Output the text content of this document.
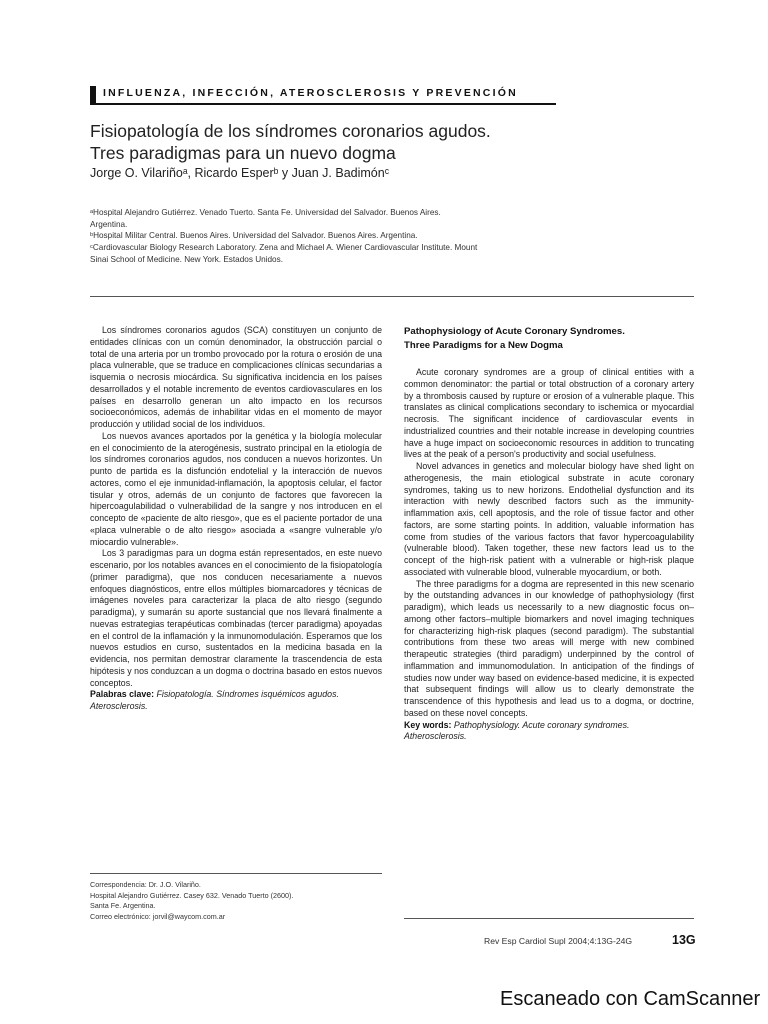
INFLUENZA, INFECCIÓN, ATEROSCLEROSIS Y PREVENCIÓN
Fisiopatología de los síndromes coronarios agudos.
Tres paradigmas para un nuevo dogma
Jorge O. Vilariñoᵃ, Ricardo Esperᵇ y Juan J. Badimónᶜ
ᵃHospital Alejandro Gutiérrez. Venado Tuerto. Santa Fe. Universidad del Salvador. Buenos Aires.
Argentina.
ᵇHospital Militar Central. Buenos Aires. Universidad del Salvador. Buenos Aires. Argentina.
ᶜCardiovascular Biology Research Laboratory. Zena and Michael A. Wiener Cardiovascular Institute. Mount
Sinai School of Medicine. New York. Estados Unidos.

Los síndromes coronarios agudos (SCA) constituyen un conjunto de entidades clínicas con un común denominador, la obstrucción parcial o total de una arteria por un trombo provocado por la rotura o erosión de una placa vulnerable, que se traduce en complicaciones clínicas secundarias a isquemia o necrosis miocárdica. Su significativa incidencia en los países desarrollados y el notable incremento de eventos cardiovasculares en los países en desarrollo generan un alto impacto en los recursos socioeconómicos, además de inhabilitar vidas en el momento de mayor producción y utilidad social de los individuos.

Los nuevos avances aportados por la genética y la biología molecular en el conocimiento de la aterogénesis, sustrato principal en la etiología de los síndromes coronarios agudos, nos conducen a nuevos horizontes. Un punto de partida es la disfunción endotelial y la interacción de nuevos actores, como el eje inmunidad-inflamación, la apoptosis celular, el factor tisular y otros, además de un conjunto de factores que favorecen la hipercoagulabilidad o vulnerabilidad de la sangre y nos introducen en el concepto de «paciente de alto riesgo», que es el paciente portador de una «placa vulnerable o de alto riesgo» asociada a «sangre vulnerable y/o miocardio vulnerable».

Los 3 paradigmas para un dogma están representados, en este nuevo escenario, por los notables avances en el conocimiento de la fisiopatología (primer paradigma), que nos conducen necesariamente a nuevos enfoques diagnósticos, entre ellos múltiples biomarcadores y técnicas de imágenes noveles para caracterizar la placa de alto riesgo (segundo paradigma), y sumarán su aporte sustancial que nos llevará finalmente a nuevas estrategias terapéuticas combinadas (tercer paradigma) apoyadas en el control de la inflamación y la inmunomodulación. Esperamos que los nuevos estudios en curso, sustentados en la medicina basada en la evidencia, nos permitan demostrar claramente la trascendencia de esta hipótesis y nos conduzcan a un dogma o doctrina basado en estos nuevos conceptos.

Palabras clave: Fisiopatología. Síndromes isquémicos agudos. Aterosclerosis.

Correspondencia: Dr. J.O. Vilariño.
Hospital Alejandro Gutiérrez. Casey 632. Venado Tuerto (2600).
Santa Fe. Argentina.
Correo electrónico: jorvil@waycom.com.ar
Pathophysiology of Acute Coronary Syndromes.
Three Paradigms for a New Dogma

Acute coronary syndromes are a group of clinical entities with a common denominator: the partial or total obstruction of a coronary artery by a thrombosis caused by rupture or erosion of a vulnerable plaque. This translates as clinical complications secondary to ischemica or myocardial necrosis. The significant incidence of cardiovascular events in industrialized countries and their notable increase in developing countries have a huge impact on socioeconomic resources in addition to truncating lives at the peak of a person's productivity and social usefulness.

Novel advances in genetics and molecular biology have shed light on atherogenesis, the main etiological substrate in acute coronary syndromes, taking us to new horizons. Endothelial dysfunction and its interaction with newly described factors such as the immunity-inflammation axis, cell apoptosis, and the role of tissue factor and other factors, are some starting points. In addition, valuable information has come from studies of the various factors that favor hypercoagulability (vulnerable blood). Taken together, these new factors lead us to the concept of the high-risk patient with a vulnerable or high-risk plaque associated with vulnerable blood, vulnerable myocardium, or both.

The three paradigms for a dogma are represented in this new scenario by the outstanding advances in our knowledge of pathophysiology (first paradigm), which leads us necessarily to a new diagnostic focus on–among other factors–multiple biomarkers and novel imaging techniques for characterizing high-risk plaques (second paradigm). The substantial contributions from these two areas will merge with new combined therapeutic strategies (third paradigm) underpinned by the control of inflammation and immunomodulation. In anticipation of the findings of studies now under way based on evidence-based medicine, it is expected that subsequent findings will allow us to clearly demonstrate the transcendence of this hypothesis and lead us to a dogma, or doctrine, based on these novel concepts.

Key words: Pathophysiology. Acute coronary syndromes. Atherosclerosis.

Rev Esp Cardiol Supl 2004;4:13G-24G	13G
Escaneado con CamScanner
